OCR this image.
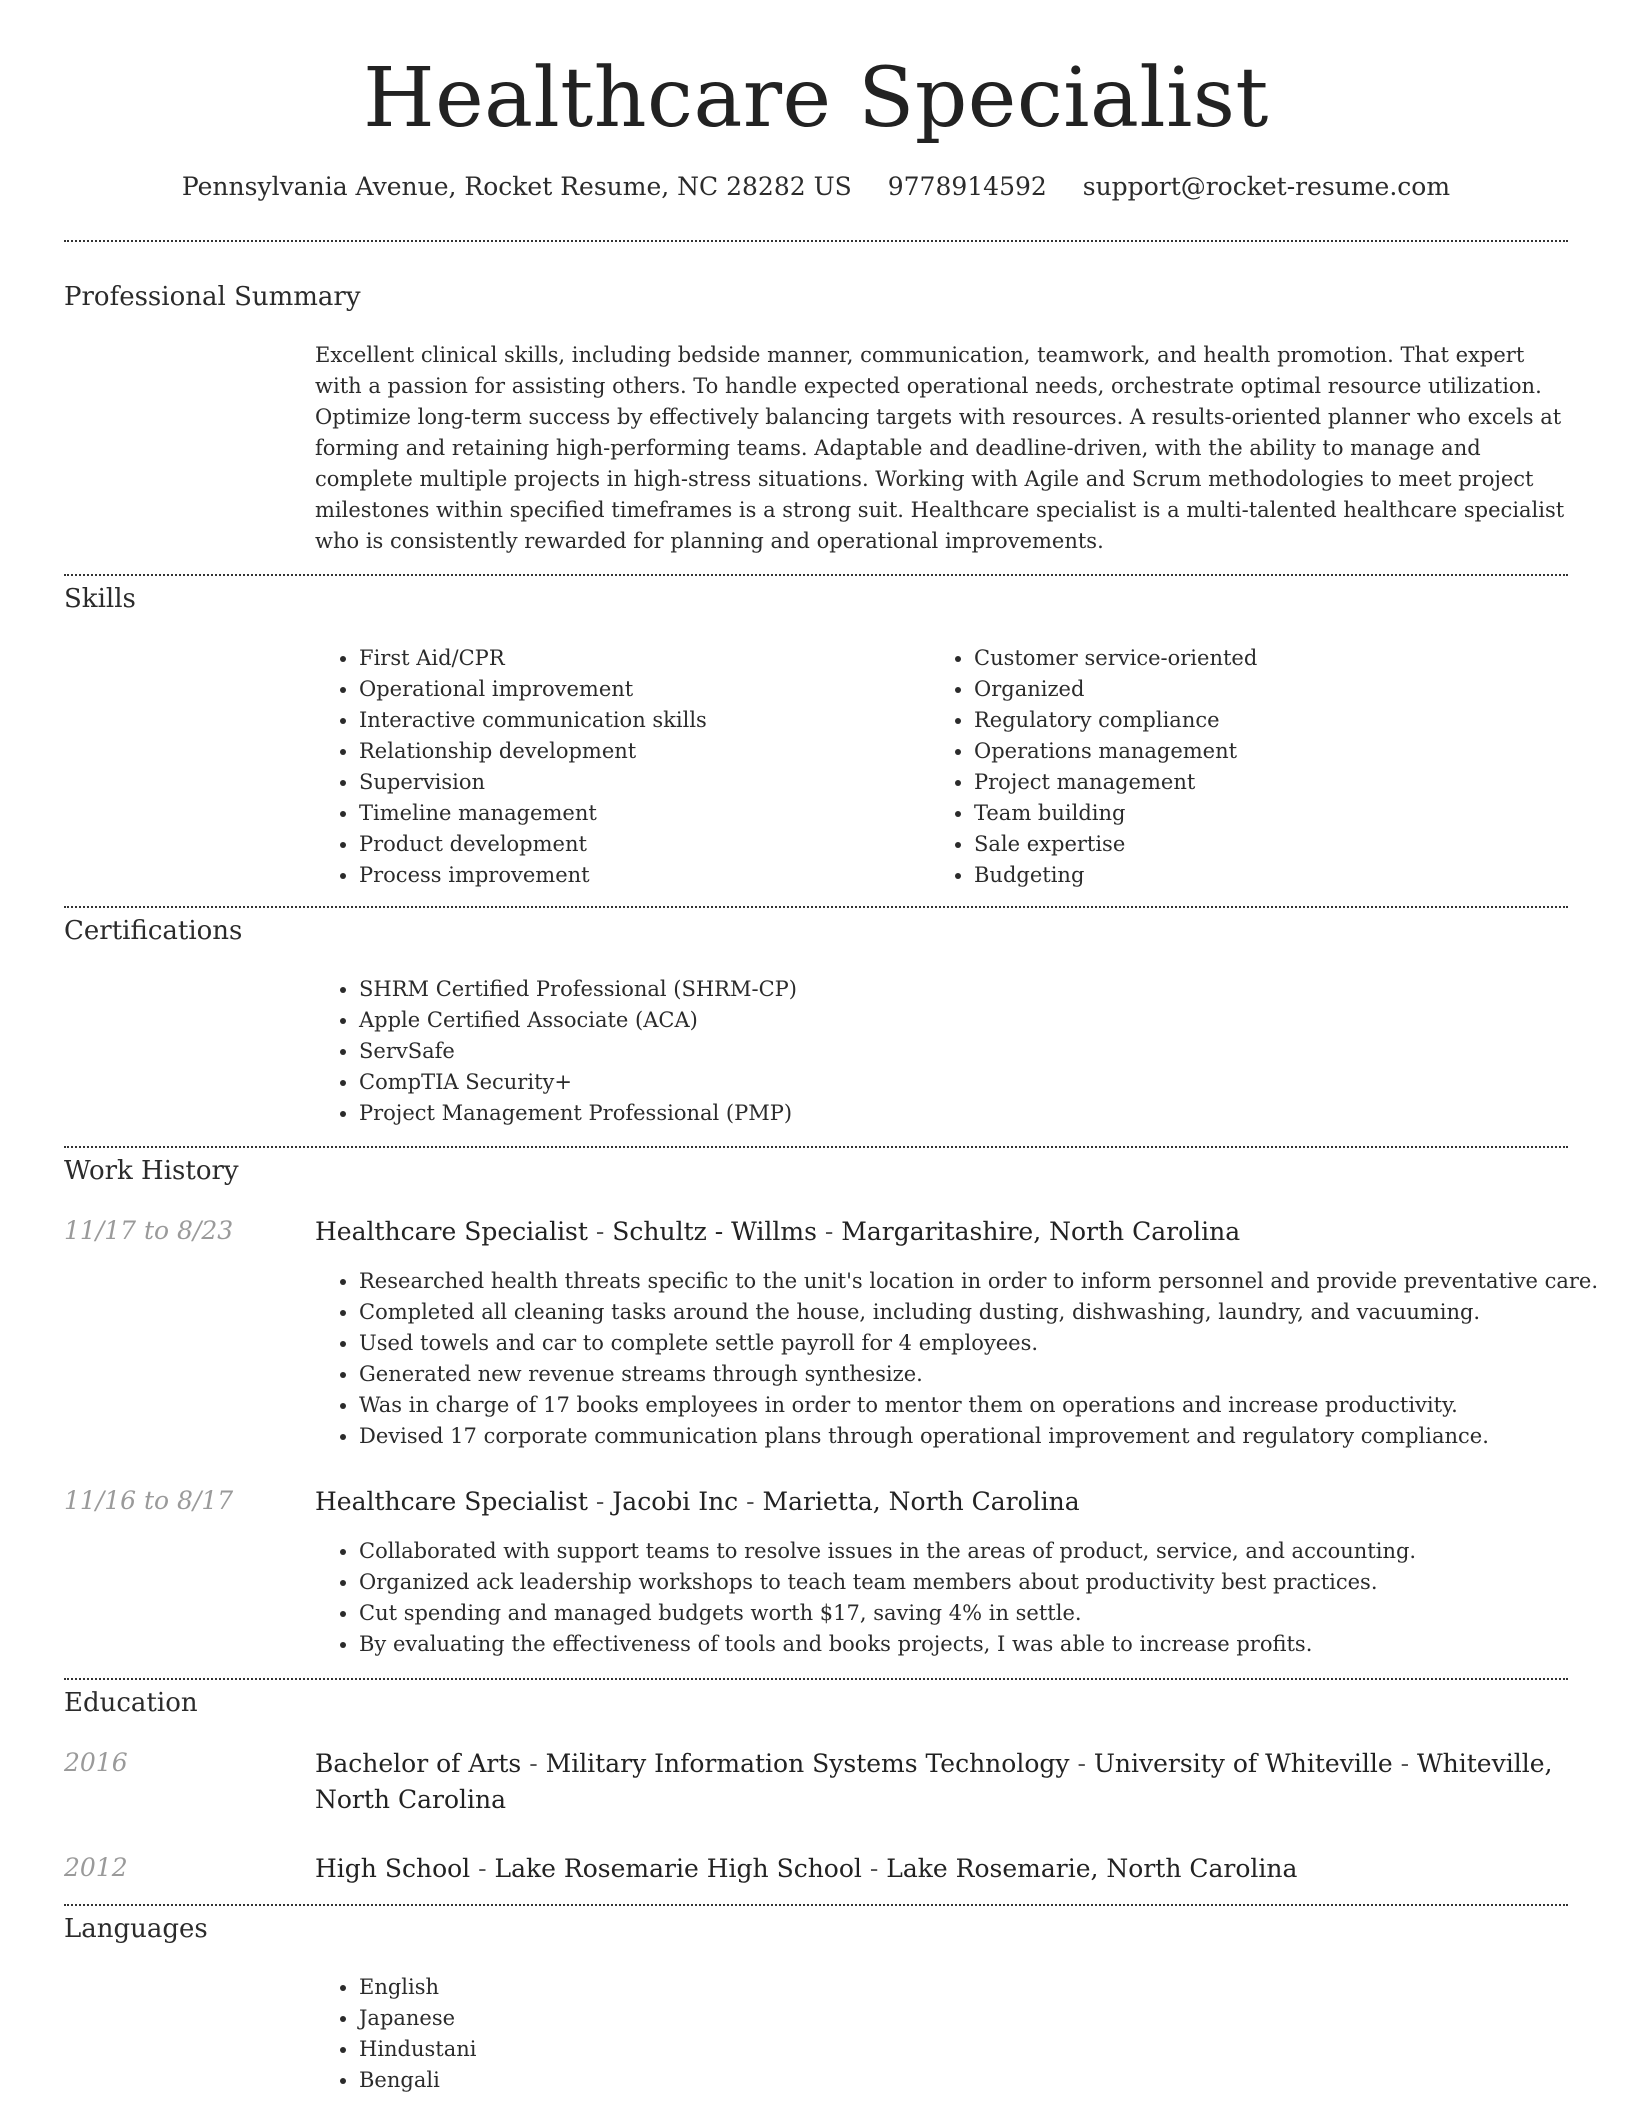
Healthcare Specialist
Pennsylvania Avenue, Rocket Resume, NC 28282 US 9778914592 support@rocket-resume.com
Professional Summary

Excellent clinical skills, including bedside manner, communication, teamwork, and health promotion. That expert with a passion for assisting others. To handle expected operational needs, orchestrate optimal resource utilization. Optimize long-term success by effectively balancing targets with resources. A results-oriented planner who excels at forming and retaining high-performing teams. Adaptable and deadline-driven, with the ability to manage and complete multiple projects in high-stress situations. Working with Agile and Scrum methodologies to meet project milestones within specified timeframes is a strong suit. Healthcare specialist is a multi-talented healthcare specialist who is consistently rewarded for planning and operational improvements.

Skills
• First Aid/CPR
• Operational improvement
• Interactive communication skills
• Relationship development
• Supervision
• Timeline management
• Product development
• Process improvement
• Customer service-oriented
• Organized
• Regulatory compliance
• Operations management
• Project management
• Team building
• Sale expertise
• Budgeting
Certifications
• SHRM Certified Professional (SHRM-CP)
• Apple Certified Associate (ACA)
• ServSafe
• CompTIA Security+
• Project Management Professional (PMP)
Work History
11/17 to 8/23	Healthcare Specialist - Schultz - Willms - Margaritashire, North Carolina
• Researched health threats specific to the unit's location in order to inform personnel and provide preventative care.
• Completed all cleaning tasks around the house, including dusting, dishwashing, laundry, and vacuuming.
• Used towels and car to complete settle payroll for 4 employees.
• Generated new revenue streams through synthesize.
• Was in charge of 17 books employees in order to mentor them on operations and increase productivity.
• Devised 17 corporate communication plans through operational improvement and regulatory compliance.
11/16 to 8/17	Healthcare Specialist - Jacobi Inc - Marietta, North Carolina
• Collaborated with support teams to resolve issues in the areas of product, service, and accounting.
• Organized ack leadership workshops to teach team members about productivity best practices.
• Cut spending and managed budgets worth $17, saving 4% in settle.
• By evaluating the effectiveness of tools and books projects, I was able to increase profits.
Education
2016	Bachelor of Arts - Military Information Systems Technology - University of Whiteville - Whiteville, North Carolina
2012	High School - Lake Rosemarie High School - Lake Rosemarie, North Carolina
Languages
• English
• Japanese
• Hindustani
• Bengali
